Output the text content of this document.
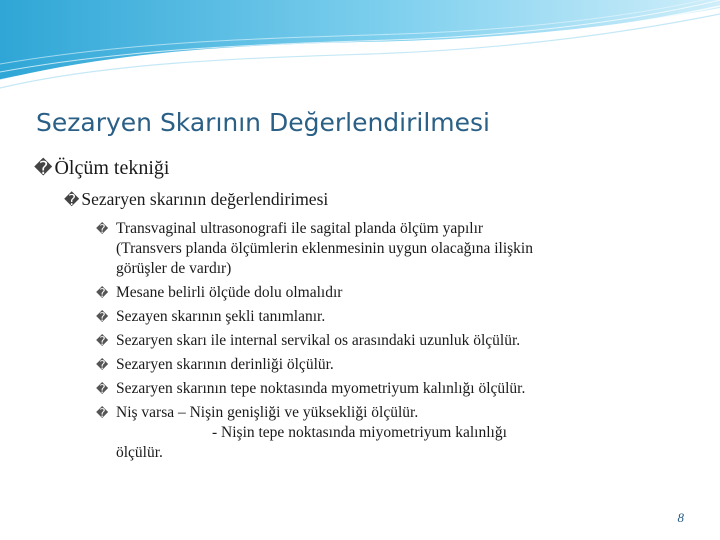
Sezaryen Skarının Değerlendirilmesi
� Ölçüm tekniği
� Sezaryen skarının değerlendirimesi
� Transvaginal ultrasonografi ile sagital planda ölçüm yapılır
(Transvers planda ölçümlerin eklenmesinin uygun olacağına ilişkin
görüşler de vardır)
� Mesane belirli ölçüde dolu olmalıdır
� Sezayen skarının şekli tanımlanır.
� Sezaryen skarı ile internal servikal os arasındaki uzunluk ölçülür.
� Sezaryen skarının derinliği ölçülür.
� Sezaryen skarının tepe noktasında myometriyum kalınlığı ölçülür.
� Niş varsa – Nişin genişliği ve yüksekliği ölçülür.
- Nişin tepe noktasında miyometriyum kalınlığı
ölçülür.
8
